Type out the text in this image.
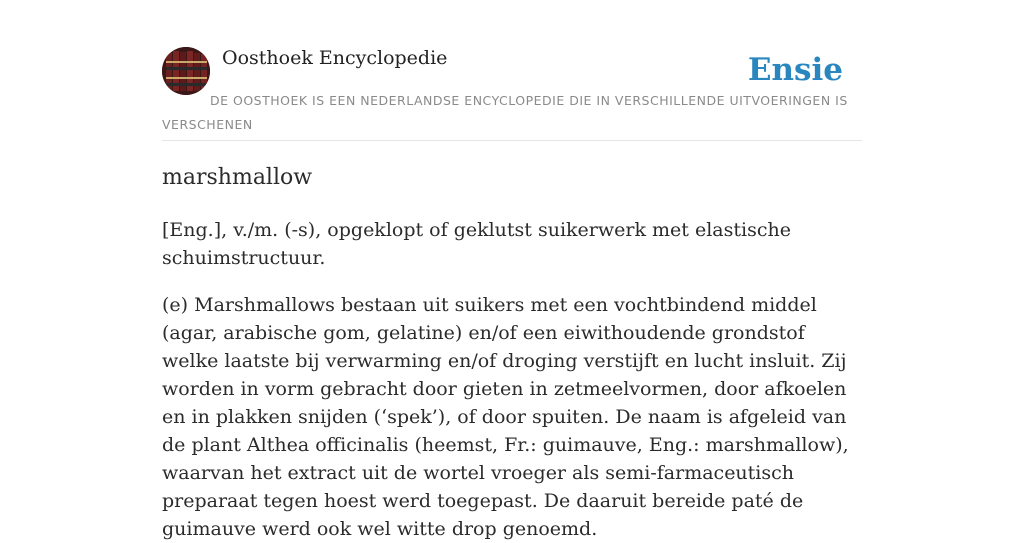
Oosthoek Encyclopedie	Ensie
DE OOSTHOEK IS EEN NEDERLANDSE ENCYCLOPEDIE DIE IN VERSCHILLENDE UITVOERINGEN IS VERSCHENEN
marshmallow

[Eng.], v./m. (-s), opgeklopt of geklutst suikerwerk met elastische schuimstructuur.

(e) Marshmallows bestaan uit suikers met een vochtbindend middel (agar, arabische gom, gelatine) en/of een eiwithoudende grondstof welke laatste bij verwarming en/of droging verstijft en lucht insluit. Zij worden in vorm gebracht door gieten in zetmeelvormen, door afkoelen en in plakken snijden (‘spek’), of door spuiten. De naam is afgeleid van de plant Althea officinalis (heemst, Fr.: guimauve, Eng.: marshmallow), waarvan het extract uit de wortel vroeger als semi-farmaceutisch preparaat tegen hoest werd toegepast. De daaruit bereide paté de guimauve werd ook wel witte drop genoemd.
